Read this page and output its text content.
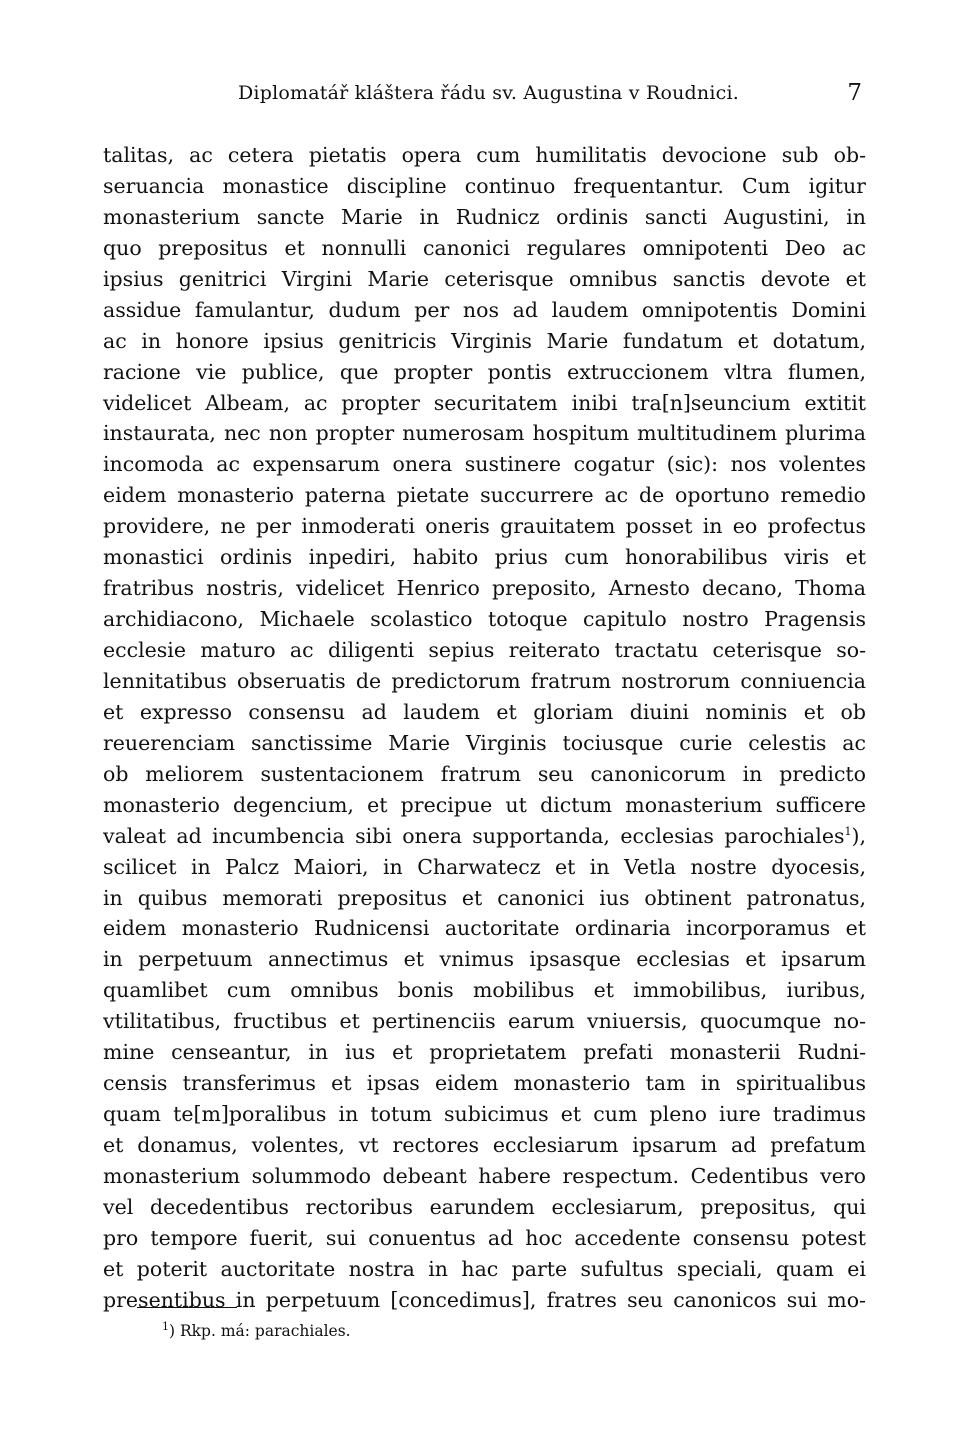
Diplomatář kláštera řádu sv. Augustina v Roudnici.	7
talitas, ac cetera pietatis opera cum humilitatis devocione sub ob-
seruancia monastice discipline continuo frequentantur. Cum igitur
monasterium sancte Marie in Rudnicz ordinis sancti Augustini, in
quo prepositus et nonnulli canonici regulares omnipotenti Deo ac
ipsius genitrici Virgini Marie ceterisque omnibus sanctis devote et
assidue famulantur, dudum per nos ad laudem omnipotentis Domini
ac in honore ipsius genitricis Virginis Marie fundatum et dotatum,
racione vie publice, que propter pontis extruccionem vltra flumen,
videlicet Albeam, ac propter securitatem inibi tra[n]seuncium extitit
instaurata, nec non propter numerosam hospitum multitudinem plurima
incomoda ac expensarum onera sustinere cogatur (sic): nos volentes
eidem monasterio paterna pietate succurrere ac de oportuno remedio
providere, ne per inmoderati oneris grauitatem posset in eo profectus
monastici ordinis inpediri, habito prius cum honorabilibus viris et
fratribus nostris, videlicet Henrico preposito, Arnesto decano, Thoma
archidiacono, Michaele scolastico totoque capitulo nostro Pragensis
ecclesie maturo ac diligenti sepius reiterato tractatu ceterisque so-
lennitatibus obseruatis de predictorum fratrum nostrorum conniuencia
et expresso consensu ad laudem et gloriam diuini nominis et ob
reuerenciam sanctissime Marie Virginis tociusque curie celestis ac
ob meliorem sustentacionem fratrum seu canonicorum in predicto
monasterio degencium, et precipue ut dictum monasterium sufficere
valeat ad incumbencia sibi onera supportanda, ecclesias parochiales$^1$),
scilicet in Palcz Maiori, in Charwatecz et in Vetla nostre dyocesis,
in quibus memorati prepositus et canonici ius obtinent patronatus,
eidem monasterio Rudnicensi auctoritate ordinaria incorporamus et
in perpetuum annectimus et vnimus ipsasque ecclesias et ipsarum
quamlibet cum omnibus bonis mobilibus et immobilibus, iuribus,
vtilitatibus, fructibus et pertinenciis earum vniuersis, quocumque no-
mine censeantur, in ius et proprietatem prefati monasterii Rudni-
censis transferimus et ipsas eidem monasterio tam in spiritualibus
quam te[m]poralibus in totum subicimus et cum pleno iure tradimus
et donamus, volentes, vt rectores ecclesiarum ipsarum ad prefatum
monasterium solummodo debeant habere respectum. Cedentibus vero
vel decedentibus rectoribus earundem ecclesiarum, prepositus, qui
pro tempore fuerit, sui conuentus ad hoc accedente consensu potest
et poterit auctoritate nostra in hac parte sufultus speciali, quam ei
presentibus in perpetuum [concedimus], fratres seu canonicos sui mo-
$^1$) Rkp. má: parachiales.
